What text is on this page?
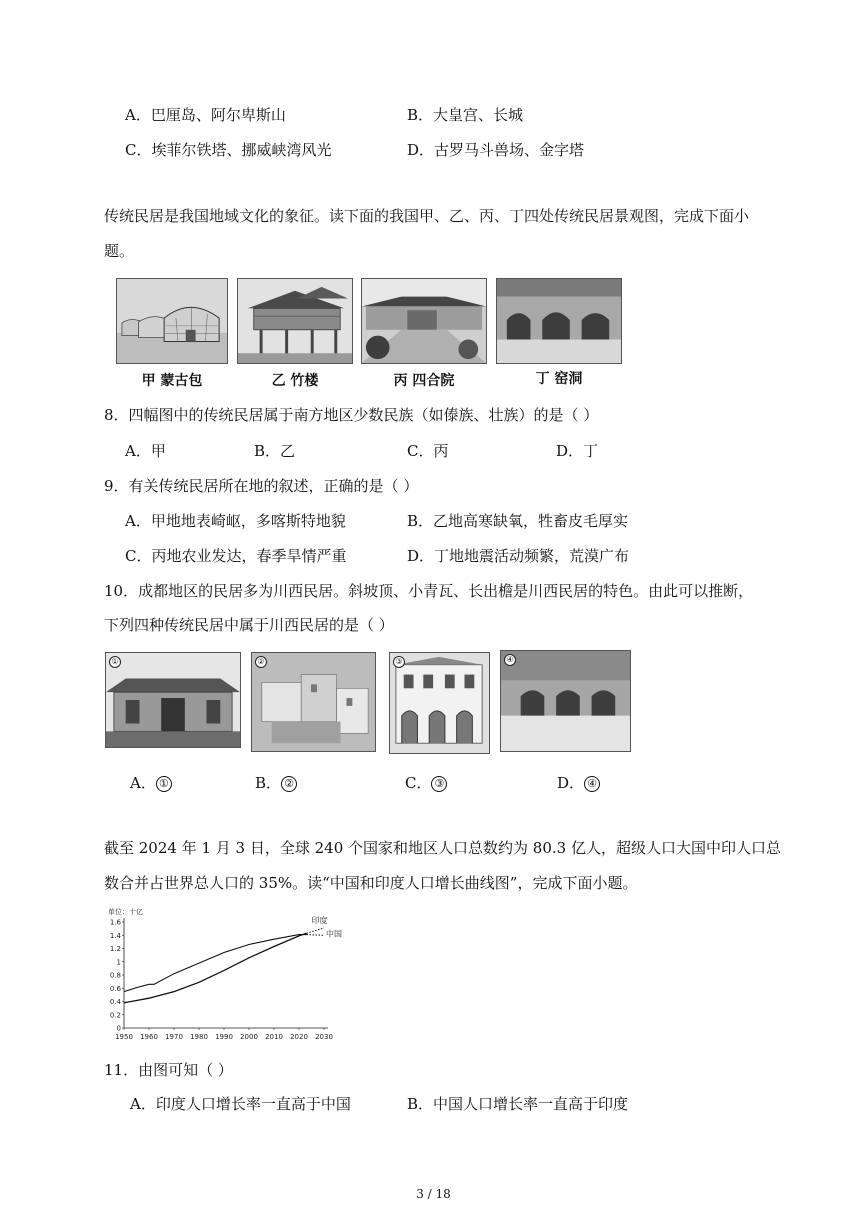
A．巴厘岛、阿尔卑斯山	B．大皇宫、长城
C．埃菲尔铁塔、挪威峡湾风光	D．古罗马斗兽场、金字塔
传统民居是我国地域文化的象征。读下面的我国甲、乙、丙、丁四处传统民居景观图，完成下面小
题。
甲 蒙古包	乙 竹楼	丙 四合院	丁 窑洞
8．四幅图中的传统民居属于南方地区少数民族（如傣族、壮族）的是（ ）
A．甲	B．乙	C．丙	D．丁
9．有关传统民居所在地的叙述，正确的是（ ）
A．甲地地表崎岖，多喀斯特地貌	B．乙地高寒缺氧，牲畜皮毛厚实
C．丙地农业发达，春季旱情严重	D．丁地地震活动频繁，荒漠广布
10．成都地区的民居多为川西民居。斜坡顶、小青瓦、长出檐是川西民居的特色。由此可以推断，
下列四种传统民居中属于川西民居的是（ ）
①	②	③	④
A． ①	B． ②	C． ③	D． ④
截至 2024 年 1 月 3 日，全球 240 个国家和地区人口总数约为 80.3 亿人，超级人口大国中印人口总
数合并占世界总人口的 35%。读“中国和印度人口增长曲线图”，完成下面小题。
单位：十亿
0
0.2
0.4
0.6
0.8
1
1.2
1.4
1.6
1950 1960 1970 1980 1990 2000 2010 2020 2030
印度
中国
11．由图可知（ ）
A．印度人口增长率一直高于中国	B．中国人口增长率一直高于印度
3 / 18
